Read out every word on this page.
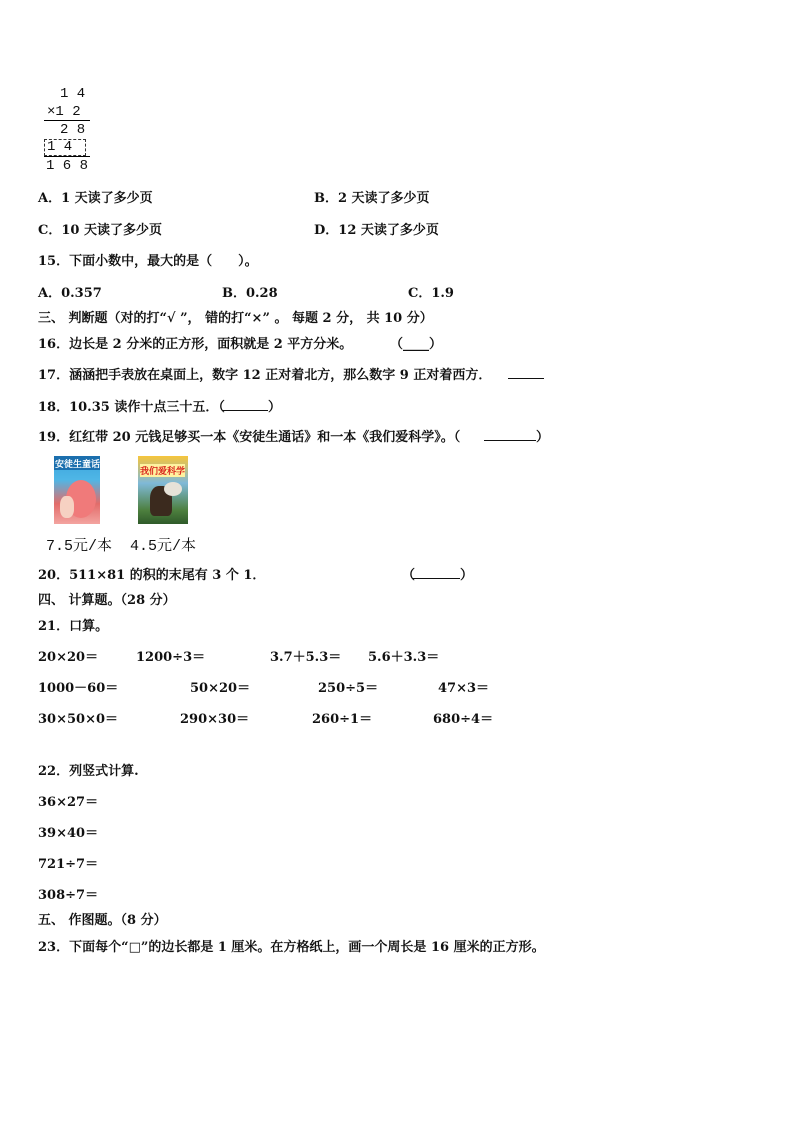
1 4
×1 2
2 8
1 4
1 6 8
A．1 天读了多少页	B．2 天读了多少页
C．10 天读了多少页	D．12 天读了多少页
15．下面小数中，最大的是（　　）。
A．0.357	B．0.28	C．1.9
三、 判断题（对的打“√ ”， 错的打“×” 。 每题 2 分， 共 10 分）
16．边长是 2 分米的正方形，面积就是 2 平方分米。	（____）
17．涵涵把手表放在桌面上，数字 12 正对着北方，那么数字 9 正对着西方．
18．10.35 读作十点三十五．（	）
19．红红带 20 元钱足够买一本《安徒生通话》和一本《我们爱科学》。（	）
安徒生童话
我们爱科学
7.5元/本 4.5元/本
20．511×81 的积的末尾有 3 个 1．	（	）
四、 计算题。（28 分）
21．口算。
20×20＝	1200÷3＝	3.7＋5.3＝ 5.6＋3.3＝
1000－60＝	50×20＝	250÷5＝	47×3＝
30×50×0＝	290×30＝	260÷1＝	680÷4＝
22．列竖式计算.
36×27＝
39×40＝
721÷7＝
308÷7＝
五、 作图题。（8 分）
23．下面每个“□”的边长都是 1 厘米。在方格纸上，画一个周长是 16 厘米的正方形。
